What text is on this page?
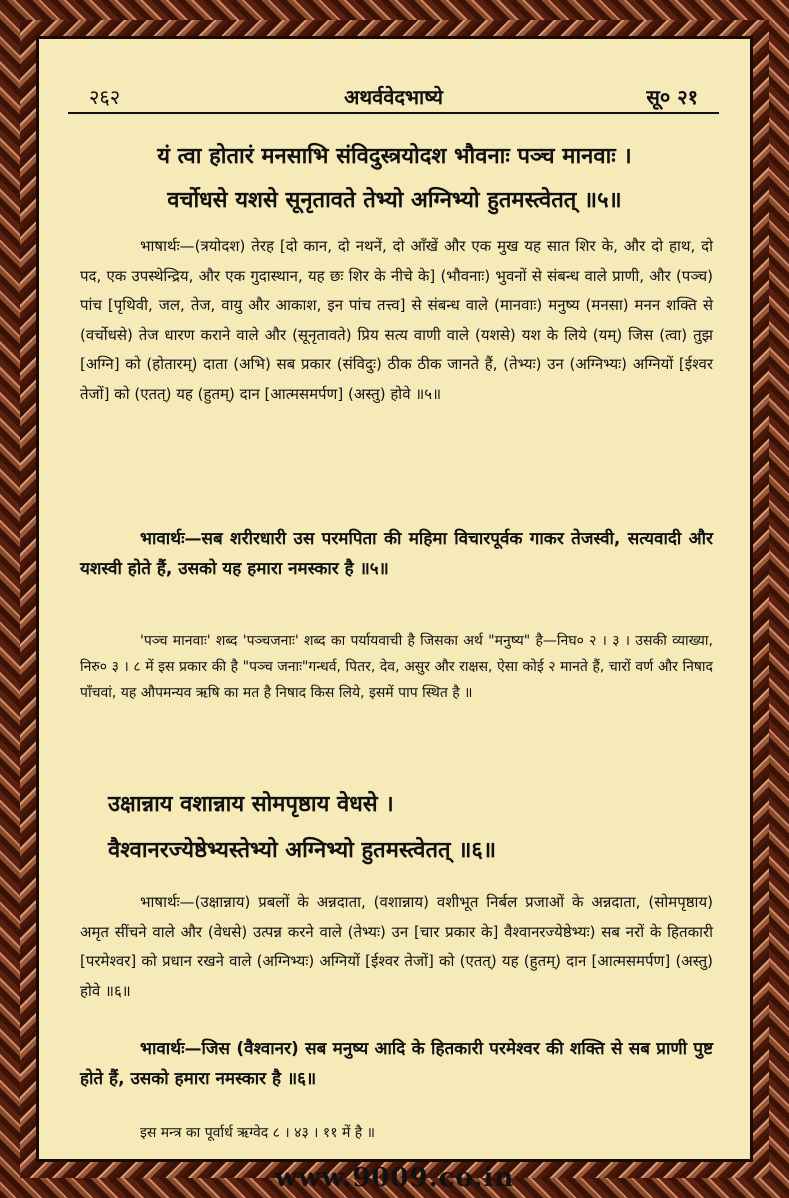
२६२	अथर्ववेदभाष्ये	सू० २१
यं त्वा होतारं मनसाभि संविदुस्त्रयोदश भौवनाः पञ्च मानवाः ।
वर्चोधसे यशसे सूनृतावते तेभ्यो अग्निभ्यो हुतमस्त्वेतत् ॥५॥
भाषार्थः—(त्रयोदश) तेरह [दो कान, दो नथनें, दो आँखें और एक मुख यह सात शिर के, और दो हाथ, दो पद, एक उपस्थेन्द्रिय, और एक गुदास्थान, यह छः शिर के नीचे के] (भौवनाः) भुवनों से संबन्ध वाले प्राणी, और (पञ्च) पांच [पृथिवी, जल, तेज, वायु और आकाश, इन पांच तत्त्व] से संबन्ध वाले (मानवाः) मनुष्य (मनसा) मनन शक्ति से (वर्चोधसे) तेज धारण कराने वाले और (सूनृतावते) प्रिय सत्य वाणी वाले (यशसे) यश के लिये (यम्) जिस (त्वा) तुझ [अग्नि] को (होतारम्) दाता (अभि) सब प्रकार (संविदुः) ठीक ठीक जानते हैं, (तेभ्यः) उन (अग्निभ्यः) अग्नियों [ईश्वर तेजों] को (एतत्) यह (हुतम्) दान [आत्मसमर्पण] (अस्तु) होवे ॥५॥
भावार्थः—सब शरीरधारी उस परमपिता की महिमा विचारपूर्वक गाकर तेजस्वी, सत्यवादी और यशस्वी होते हैं, उसको यह हमारा नमस्कार है ॥५॥
'पञ्च मानवाः' शब्द 'पञ्चजनाः' शब्द का पर्यायवाची है जिसका अर्थ "मनुष्य" है—निघ० २ । ३ । उसकी व्याख्या, निरु० ३ । ८ में इस प्रकार की है "पञ्च जनाः"गन्धर्व, पितर, देव, असुर और राक्षस, ऐसा कोई २ मानते हैं, चारों वर्ण और निषाद पाँचवां, यह औपमन्यव ऋषि का मत है निषाद किस लिये, इसमें पाप स्थित है ॥
उक्षान्नाय वशान्नाय सोमपृष्ठाय वेधसे ।
वैश्वानरज्येष्ठेभ्यस्तेभ्यो अग्निभ्यो हुतमस्त्वेतत् ॥६॥
भाषार्थः—(उक्षान्नाय) प्रबलों के अन्नदाता, (वशान्नाय) वशीभूत निर्बल प्रजाओं के अन्नदाता, (सोमपृष्ठाय) अमृत सींचने वाले और (वेधसे) उत्पन्न करने वाले (तेभ्यः) उन [चार प्रकार के] वैश्वानरज्येष्ठेभ्यः) सब नरों के हितकारी [परमेश्वर] को प्रधान रखने वाले (अग्निभ्यः) अग्नियों [ईश्वर तेजों] को (एतत्) यह (हुतम्) दान [आत्मसमर्पण] (अस्तु) होवे ॥६॥
भावार्थः—जिस (वैश्वानर) सब मनुष्य आदि के हितकारी परमेश्वर की शक्ति से सब प्राणी पुष्ट होते हैं, उसको हमारा नमस्कार है ॥६॥
इस मन्त्र का पूर्वार्ध ऋग्वेद ८ । ४३ । ११ में है ॥
www.9009.co.in
